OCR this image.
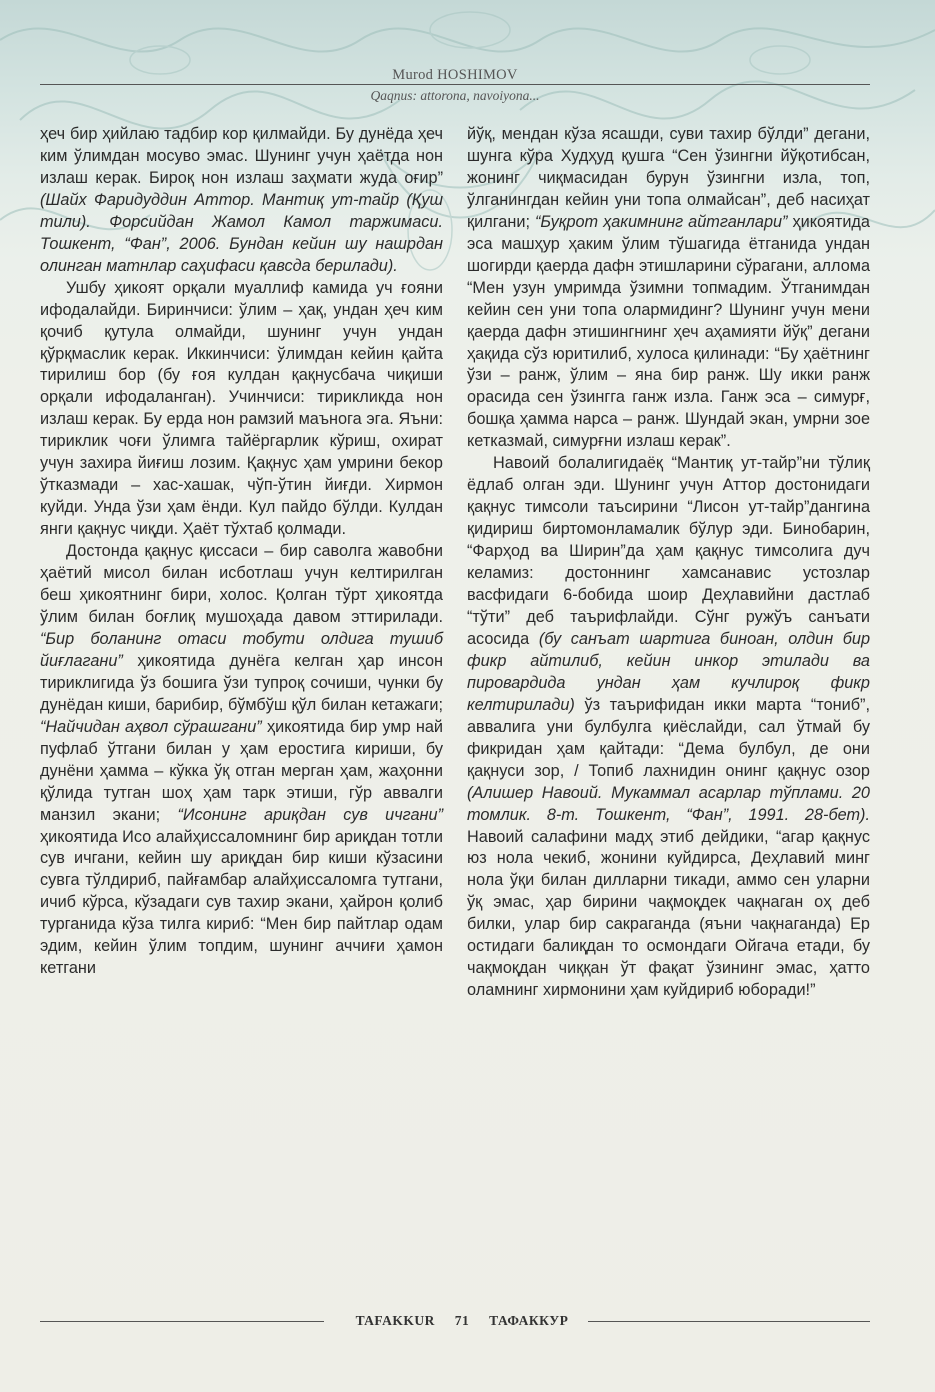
Murod HOSHIMOV
Qaqnus: attorona, navoiyona...

ҳеч бир ҳийлаю тадбир кор қилмайди. Бу дунёда ҳеч ким ўлимдан мосуво эмас. Шунинг учун ҳаётда нон излаш керак. Бироқ нон излаш заҳмати жуда оғир” (Шайх Фаридуддин Аттор. Мантиқ ут-тайр (Қуш тили). Форсийдан Жамол Камол таржимаси. Тошкент, “Фан”, 2006. Бундан кейин шу нашрдан олинган матнлар саҳифаси қавсда берилади).

Ушбу ҳикоят орқали муаллиф камида уч ғояни ифодалайди. Биринчиси: ўлим – ҳақ, ундан ҳеч ким қочиб қутула олмайди, шунинг учун ундан қўрқмаслик керак. Иккинчиси: ўлимдан кейин қайта тирилиш бор (бу ғоя кулдан қақнусбача чиқиши орқали ифодаланган). Учинчиси: тирикликда нон излаш керак. Бу ерда нон рамзий маънога эга. Яъни: тириклик чоғи ўлимга тайёргарлик кўриш, охират учун захира йиғиш лозим. Қақнус ҳам умрини бекор ўтказмади – хас-хашак, чўп-ўтин йиғди. Хирмон куйди. Унда ўзи ҳам ёнди. Кул пайдо бўлди. Кулдан янги қақнус чиқди. Ҳаёт тўхтаб қолмади.

Достонда қақнус қиссаси – бир саволга жавобни ҳаётий мисол билан исботлаш учун келтирилган беш ҳикоятнинг бири, холос. Қолган тўрт ҳикоятда ўлим билан боғлиқ мушоҳада давом эттирилади. “Бир боланинг отаси тобути олдига тушиб йиғлагани” ҳикоятида дунёга келган ҳар инсон тириклигида ўз бошига ўзи тупроқ сочиши, чунки бу дунёдан киши, барибир, бўмбўш қўл билан кетажаги; “Найчидан аҳвол сўрашгани” ҳикоятида бир умр най пуфлаб ўтгани билан у ҳам еростига кириши, бу дунёни ҳамма – кўкка ўқ отган мерган ҳам, жаҳонни қўлида тутган шоҳ ҳам тарк этиши, гўр аввалги манзил экани; “Исонинг ариқдан сув ичгани” ҳикоятида Исо алайҳиссаломнинг бир ариқдан тотли сув ичгани, кейин шу ариқдан бир киши кўзасини сувга тўлдириб, пайғамбар алайҳиссаломга тутгани, ичиб кўрса, кўзадаги сув тахир экани, ҳайрон қолиб турганида кўза тилга кириб: “Мен бир пайтлар одам эдим, кейин ўлим топдим, шунинг аччиғи ҳамон кетгани

йўқ, мендан кўза ясашди, суви тахир бўлди” дегани, шунга кўра Худҳуд қушга “Сен ўзингни йўқотибсан, жонинг чиқмасидан бурун ўзингни изла, топ, ўлганингдан кейин уни топа олмайсан”, деб насиҳат қилгани; “Буқрот ҳакимнинг айтганлари” ҳикоятида эса машҳур ҳаким ўлим тўшагида ётганида ундан шогирди қаерда дафн этишларини сўрагани, аллома “Мен узун умримда ўзимни топмадим. Ўтганимдан кейин сен уни топа олармидинг? Шунинг учун мени қаерда дафн этишингнинг ҳеч аҳамияти йўқ” дегани ҳақида сўз юритилиб, хулоса қилинади: “Бу ҳаётнинг ўзи – ранж, ўлим – яна бир ранж. Шу икки ранж орасида сен ўзингга ганж изла. Ганж эса – симурғ, бошқа ҳамма нарса – ранж. Шундай экан, умрни зое кетказмай, симурғни излаш керак”.

Навоий болалигидаёқ “Мантиқ ут-тайр”ни тўлиқ ёдлаб олган эди. Шунинг учун Аттор достонидаги қақнус тимсоли таъсирини “Лисон ут-тайр”дангина қидириш биртомонламалик бўлур эди. Бинобарин, “Фарҳод ва Ширин”да ҳам қақнус тимсолига дуч келамиз: достоннинг хамсанавис устозлар васфидаги 6-бобида шоир Деҳлавийни дастлаб “тўти” деб таърифлайди. Сўнг ружўъ санъати асосида (бу санъат шартига биноан, олдин бир фикр айтилиб, кейин инкор этилади ва пировардида ундан ҳам кучлироқ фикр келтирилади) ўз таърифидан икки марта “тониб”, аввалига уни булбулга қиёслайди, сал ўтмай бу фикридан ҳам қайтади: “Дема булбул, де они қақнуси зор, / Топиб лахнидин онинг қақнус озор (Алишер Навоий. Мукаммал асарлар тўплами. 20 томлик. 8-т. Тошкент, “Фан”, 1991. 28-бет). Навоий салафини мадҳ этиб дейдики, “агар қақнус юз нола чекиб, жонини куйдирса, Деҳлавий минг нола ўқи билан дилларни тикади, аммо сен уларни ўқ эмас, ҳар бирини чақмоқдек чақнаган оҳ деб билки, улар бир сакраганда (яъни чақнаганда) Ер остидаги балиқдан то осмондаги Ойгача етади, бу чақмоқдан чиққан ўт фақат ўзининг эмас, ҳатто оламнинг хирмонини ҳам куйдириб юборади!”

TAFAKKUR 71 ТАФАККУР
